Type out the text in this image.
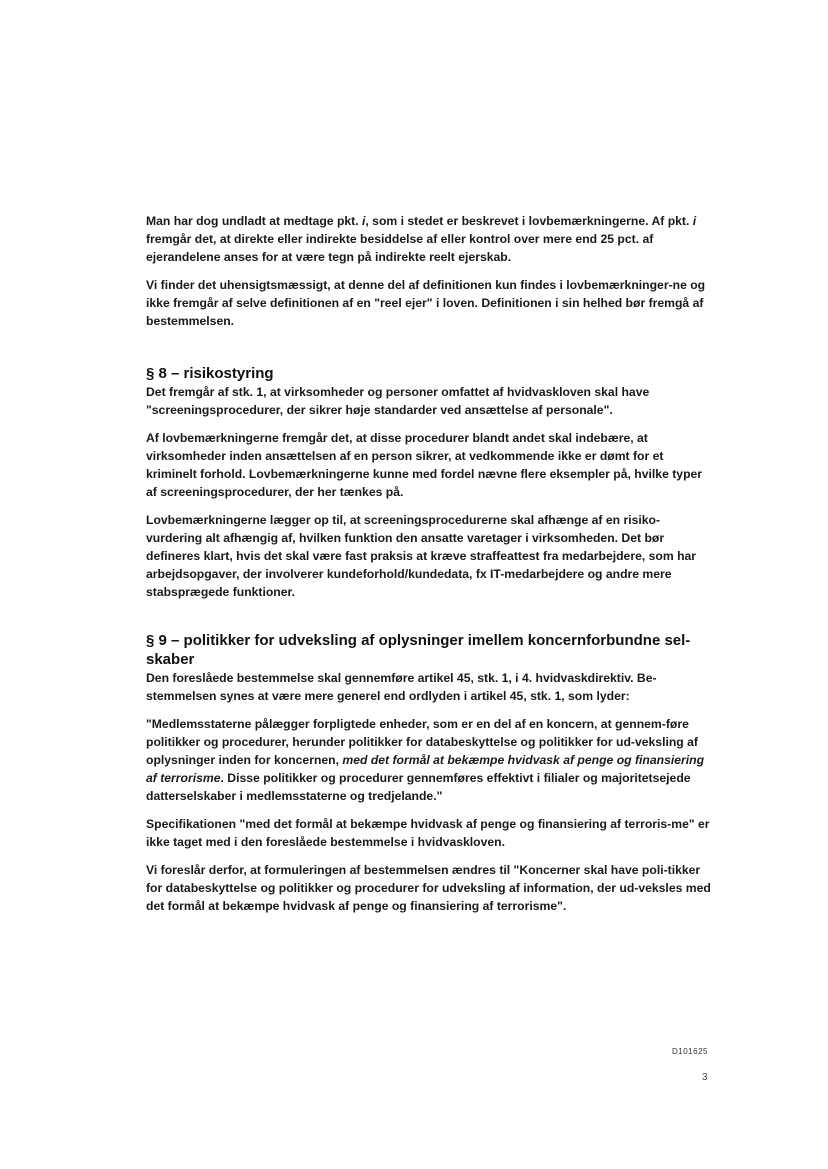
Man har dog undladt at medtage pkt. i, som i stedet er beskrevet i lovbemærkningerne. Af pkt. i fremgår det, at direkte eller indirekte besiddelse af eller kontrol over mere end 25 pct. af ejerandelene anses for at være tegn på indirekte reelt ejerskab.

Vi finder det uhensigtsmæssigt, at denne del af definitionen kun findes i lovbemærkninger-ne og ikke fremgår af selve definitionen af en "reel ejer" i loven. Definitionen i sin helhed bør fremgå af bestemmelsen.

§ 8 – risikostyring

Det fremgår af stk. 1, at virksomheder og personer omfattet af hvidvaskloven skal have "screeningsprocedurer, der sikrer høje standarder ved ansættelse af personale".

Af lovbemærkningerne fremgår det, at disse procedurer blandt andet skal indebære, at virksomheder inden ansættelsen af en person sikrer, at vedkommende ikke er dømt for et kriminelt forhold. Lovbemærkningerne kunne med fordel nævne flere eksempler på, hvilke typer af screeningsprocedurer, der her tænkes på.

Lovbemærkningerne lægger op til, at screeningsprocedurerne skal afhænge af en risiko-vurdering alt afhængig af, hvilken funktion den ansatte varetager i virksomheden. Det bør defineres klart, hvis det skal være fast praksis at kræve straffeattest fra medarbejdere, som har arbejdsopgaver, der involverer kundeforhold/kundedata, fx IT-medarbejdere og andre mere stabsprægede funktioner.

§ 9 – politikker for udveksling af oplysninger imellem koncernforbundne sel-skaber

Den foreslåede bestemmelse skal gennemføre artikel 45, stk. 1, i 4. hvidvaskdirektiv. Be-stemmelsen synes at være mere generel end ordlyden i artikel 45, stk. 1, som lyder:

"Medlemsstaterne pålægger forpligtede enheder, som er en del af en koncern, at gennem-føre politikker og procedurer, herunder politikker for databeskyttelse og politikker for ud-veksling af oplysninger inden for koncernen, med det formål at bekæmpe hvidvask af penge og finansiering af terrorisme. Disse politikker og procedurer gennemføres effektivt i filialer og majoritetsejede datterselskaber i medlemsstaterne og tredjelande."

Specifikationen "med det formål at bekæmpe hvidvask af penge og finansiering af terroris-me" er ikke taget med i den foreslåede bestemmelse i hvidvaskloven.

Vi foreslår derfor, at formuleringen af bestemmelsen ændres til "Koncerner skal have poli-tikker for databeskyttelse og politikker og procedurer for udveksling af information, der ud-veksles med det formål at bekæmpe hvidvask af penge og finansiering af terrorisme".

D101625
3
